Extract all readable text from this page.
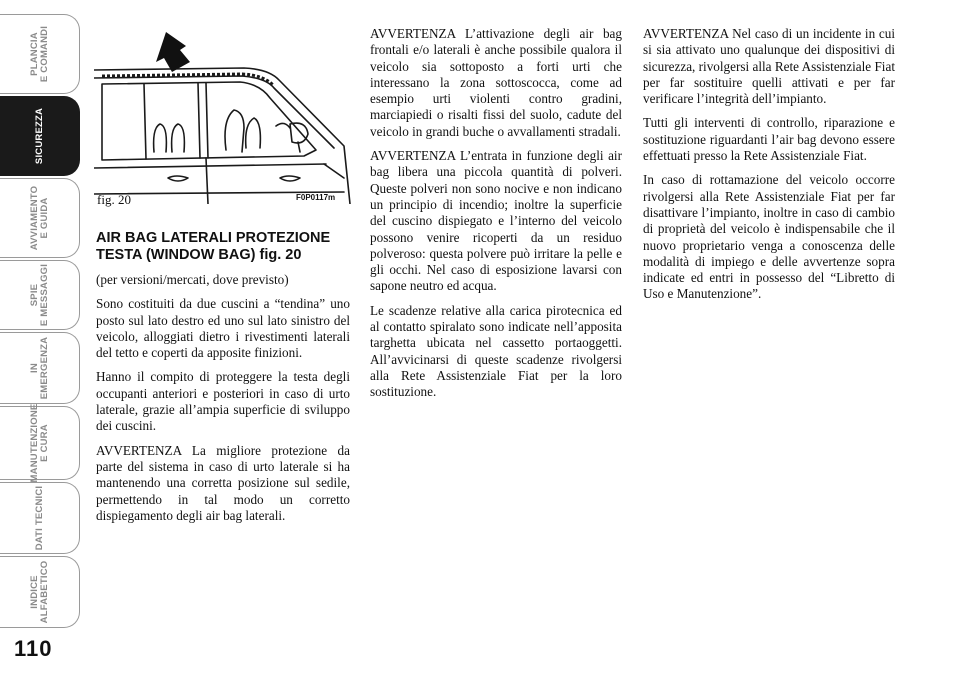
PLANCIA
E COMANDI
SICUREZZA
AVVIAMENTO
E GUIDA
SPIE
E MESSAGGI
IN
EMERGENZA
MANUTENZIONE
E CURA
DATI TECNICI
INDICE
ALFABETICO
110
fig. 20	F0P0117m

AIR BAG LATERALI PROTEZIONE TESTA (WINDOW BAG) fig. 20

(per versioni/mercati, dove previsto)

Sono costituiti da due cuscini a “tendina” uno posto sul lato destro ed uno sul lato sinistro del veicolo, alloggiati dietro i rivestimenti laterali del tetto e coperti da apposite finizioni.

Hanno il compito di proteggere la testa degli occupanti anteriori e posteriori in caso di urto laterale, grazie all’ampia superficie di sviluppo dei cuscini.

AVVERTENZA La migliore protezione da parte del sistema in caso di urto laterale si ha mantenendo una corretta posizione sul sedile, permettendo in tal modo un corretto dispiegamento degli air bag laterali.

AVVERTENZA L’attivazione degli air bag frontali e/o laterali è anche possibile qualora il veicolo sia sottoposto a forti urti che interessano la zona sottoscocca, come ad esempio urti violenti contro gradini, marciapiedi o risalti fissi del suolo, cadute del veicolo in grandi buche o avvallamenti stradali.

AVVERTENZA L’entrata in funzione degli air bag libera una piccola quantità di polveri. Queste polveri non sono nocive e non indicano un principio di incendio; inoltre la superficie del cuscino dispiegato e l’interno del veicolo possono venire ricoperti da un residuo polveroso: questa polvere può irritare la pelle e gli occhi. Nel caso di esposizione lavarsi con sapone neutro ed acqua.

Le scadenze relative alla carica pirotecnica ed al contatto spiralato sono indicate nell’apposita targhetta ubicata nel cassetto portaoggetti. All’avvicinarsi di queste scadenze rivolgersi alla Rete Assistenziale Fiat per la loro sostituzione.

AVVERTENZA Nel caso di un incidente in cui si sia attivato uno qualunque dei dispositivi di sicurezza, rivolgersi alla Rete Assistenziale Fiat per far sostituire quelli attivati e per far verificare l’integrità dell’impianto.

Tutti gli interventi di controllo, riparazione e sostituzione riguardanti l’air bag devono essere effettuati presso la Rete Assistenziale Fiat.

In caso di rottamazione del veicolo occorre rivolgersi alla Rete Assistenziale Fiat per far disattivare l’impianto, inoltre in caso di cambio di proprietà del veicolo è indispensabile che il nuovo proprietario venga a conoscenza delle modalità di impiego e delle avvertenze sopra indicate ed entri in possesso del “Libretto di Uso e Manutenzione”.
